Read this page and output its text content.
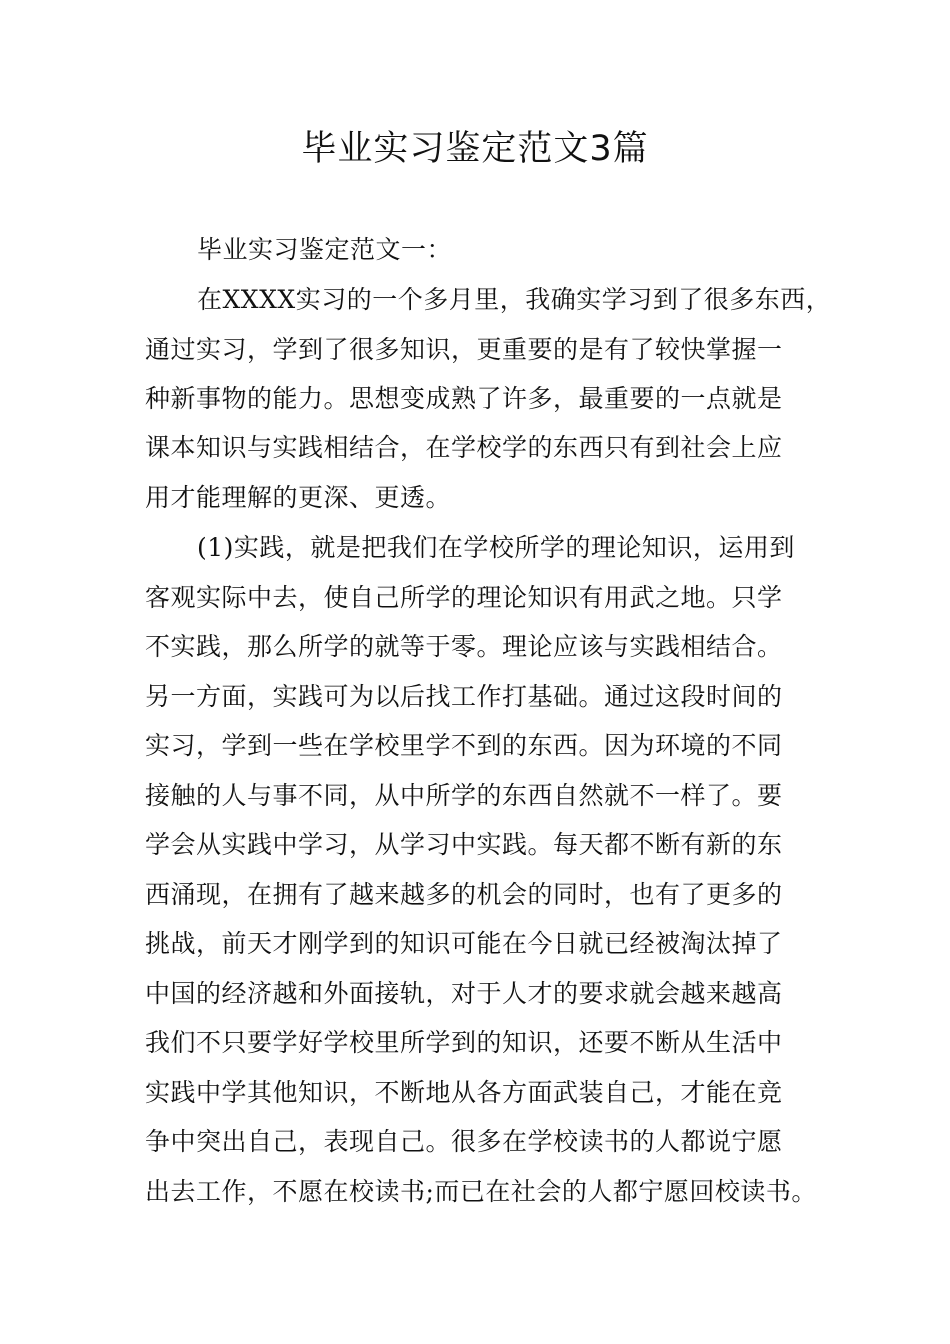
毕业实习鉴定范文3篇
毕业实习鉴定范文一：
在XXXX实习的一个多月里，我确实学习到了很多东西，
通过实习，学到了很多知识，更重要的是有了较快掌握一
种新事物的能力。思想变成熟了许多，最重要的一点就是
课本知识与实践相结合，在学校学的东西只有到社会上应
用才能理解的更深、更透。
(1)实践，就是把我们在学校所学的理论知识，运用到
客观实际中去，使自己所学的理论知识有用武之地。只学
不实践，那么所学的就等于零。理论应该与实践相结合。
另一方面，实践可为以后找工作打基础。通过这段时间的
实习，学到一些在学校里学不到的东西。因为环境的不同
接触的人与事不同，从中所学的东西自然就不一样了。要
学会从实践中学习，从学习中实践。每天都不断有新的东
西涌现，在拥有了越来越多的机会的同时，也有了更多的
挑战，前天才刚学到的知识可能在今日就已经被淘汰掉了
中国的经济越和外面接轨，对于人才的要求就会越来越高
我们不只要学好学校里所学到的知识，还要不断从生活中
实践中学其他知识，不断地从各方面武装自己，才能在竞
争中突出自己，表现自己。很多在学校读书的人都说宁愿
出去工作，不愿在校读书;而已在社会的人都宁愿回校读书。
